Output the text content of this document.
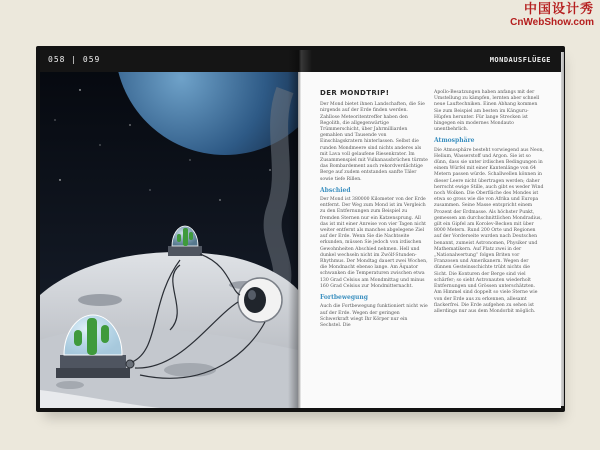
中国设计秀
CnWebShow.com
058 | 059	MONDAUSFLÜEGE
DER MONDTRIP!

Der Mond bietet ihnen Landschaften, die Sie nirgends auf der Erde finden werden. Zahllose Meteoritentreffer haben den Regolith, die allgegenwärtige Trümmerschicht, über Jahrmilliarden gemahlen und Tausende von Einschlagskratern hinterlassen. Selbst die runden Mondmeere sind nichts anderes als mit Lava voll gelaufene Riesenkrater. Im Zusammenspiel mit Vulkanausbrüchen türmte das Bombardement auch rekordverdächtige Berge auf zudem entstanden sanfte Täler sowie tiefe Rillen.

Abschied

Der Mond ist 380000 Kilometer von der Erde entfernt. Der Weg zum Mond ist im Vergleich zu den Entfernungen zum Beispiel zu fremden Sternen nur ein Katzensprung. All das ist mit einer Anreise von vier Tagen nicht weiter entfernt als manches abgelegene Ziel auf der Erde. Wenn Sie die Nachtseite erkunden, müssen Sie jedoch von irdischen Gewohnheiten Abschied nehmen. Hell und dunkel wechseln nicht im Zwölf-Stunden-Rhythmus. Der Mondtag dauert zwei Wochen, die Mondnacht ebenso lange. Am Äquator schwanken die Temperaturen zwischen etwa 130 Grad Celsius am Mondmittag und minus 160 Grad Celsius zur Mondmitternacht.

Fortbewegung

Auch die Fortbewegung funktioniert nicht wie auf der Erde. Wegen der geringen Schwerkraft wiegt Ihr Körper nur ein Sechstel. Die

Apollo-Besatzungen haben anfangs mit der Umstellung zu kämpfen, lernten aber schnell neue Lauftechniken. Einen Abhang kommen Sie zum Beispiel am besten im Känguru-Hüpfen herunter. Für lange Strecken ist hingegen ein modernes Mondauto unentbehrlich.

Atmosphäre

Die Atmosphäre besteht vorwiegend aus Neon, Helium, Wasserstoff und Argon. Sie ist so dünn, dass sie unter irdischen Bedingungen in einem Würfel mit einer Kantenlänge von 64 Metern passen würde. Schallwellen können in dieser Leere nicht übertragen werden; daher herrscht ewige Stille, auch gibt es weder Wind noch Wolken. Die Oberfläche des Mondes ist etwa so gross wie die von Afrika und Europa zusammen. Seine Masse entspricht einem Prozent der Erdmasse. Als höchster Punkt, gemessen am durchschnittlichen Mondradius, gilt ein Gipfel am Korolev-Becken mit über 8000 Metern. Rund 200 Orte und Regionen auf der Vorderseite wurden nach Deutschen benannt, zumeist Astronomen, Physiker und Mathematikern. Auf Platz zwei in der „Nationalwertung“ folgen Briten vor Franzosen und Amerikanern. Wegen der dünnen Gesteinsschichte trübt nichts die Sicht. Die Konturen der Berge sind viel schärfer; so sieht Astronauten wiederholt Entfernungen und Grössen unterschätzten. Am Himmel sind doppelt so viele Sterne wie von der Erde aus zu erkennen, allesamt flackerfrei. Die Erde aufgehen zu sehen ist allerdings nur aus dem Mondorbit möglich.
